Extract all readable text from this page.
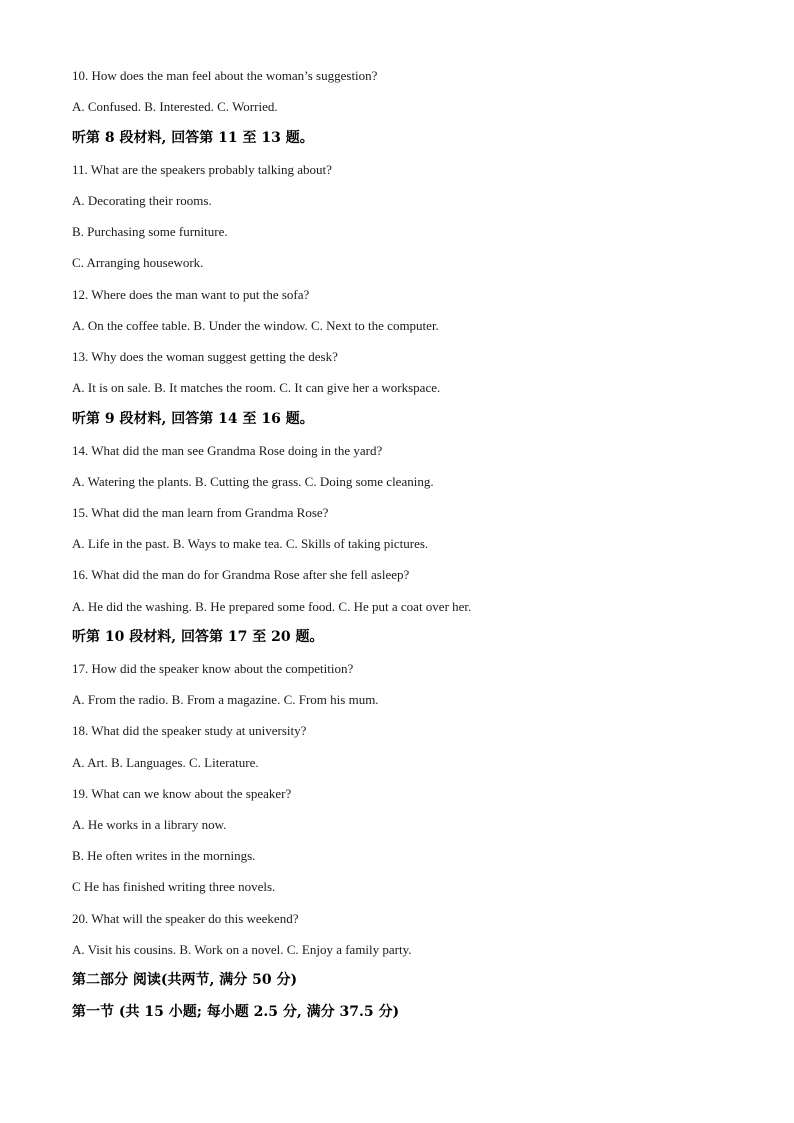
10. How does the man feel about the woman’s suggestion?
A. Confused. B. Interested. C. Worried.
听第 8 段材料, 回答第 11 至 13 题。
11. What are the speakers probably talking about?
A. Decorating their rooms.
B. Purchasing some furniture.
C. Arranging housework.
12. Where does the man want to put the sofa?
A. On the coffee table. B. Under the window. C. Next to the computer.
13. Why does the woman suggest getting the desk?
A. It is on sale. B. It matches the room. C. It can give her a workspace.
听第 9 段材料, 回答第 14 至 16 题。
14. What did the man see Grandma Rose doing in the yard?
A. Watering the plants. B. Cutting the grass. C. Doing some cleaning.
15. What did the man learn from Grandma Rose?
A. Life in the past. B. Ways to make tea. C. Skills of taking pictures.
16. What did the man do for Grandma Rose after she fell asleep?
A. He did the washing. B. He prepared some food. C. He put a coat over her.
听第 10 段材料, 回答第 17 至 20 题。
17. How did the speaker know about the competition?
A. From the radio. B. From a magazine. C. From his mum.
18. What did the speaker study at university?
A. Art. B. Languages. C. Literature.
19. What can we know about the speaker?
A. He works in a library now.
B. He often writes in the mornings.
C He has finished writing three novels.
20. What will the speaker do this weekend?
A. Visit his cousins. B. Work on a novel. C. Enjoy a family party.
第二部分 阅读(共两节, 满分 50 分)
第一节 (共 15 小题; 每小题 2.5 分, 满分 37.5 分)
